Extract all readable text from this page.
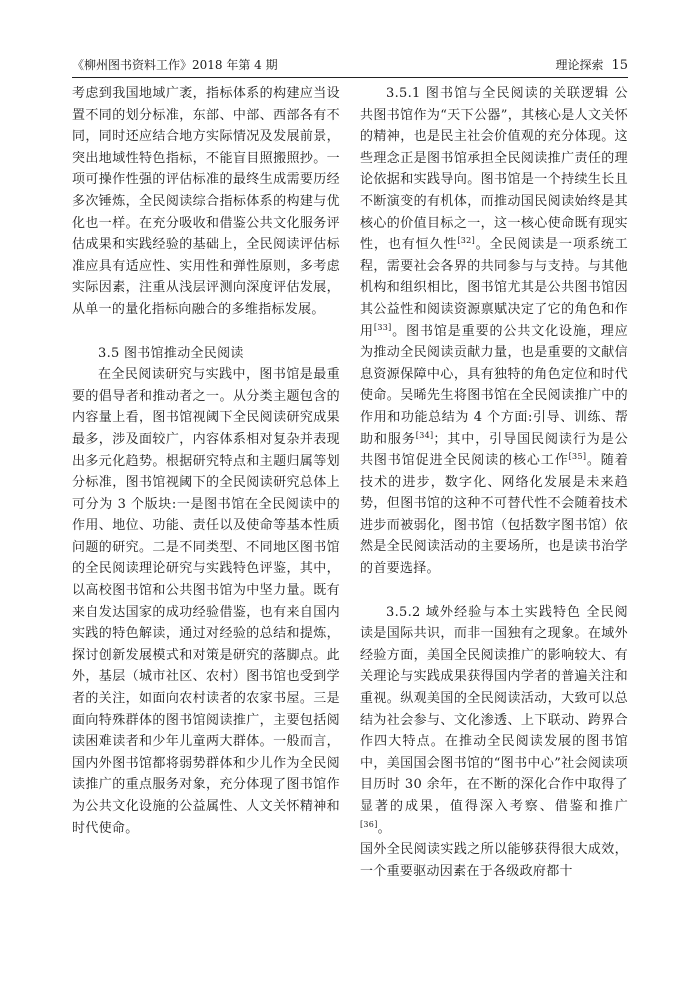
《柳州图书资料工作》2018 年第 4 期	理论探索 15

考虑到我国地域广袤，指标体系的构建应当设置不同的划分标准，东部、中部、西部各有不同，同时还应结合地方实际情况及发展前景，突出地域性特色指标，不能盲目照搬照抄。一项可操作性强的评估标准的最终生成需要历经多次锤炼，全民阅读综合指标体系的构建与优化也一样。在充分吸收和借鉴公共文化服务评估成果和实践经验的基础上，全民阅读评估标准应具有适应性、实用性和弹性原则，多考虑实际因素，注重从浅层评测向深度评估发展，从单一的量化指标向融合的多维指标发展。

3.5 图书馆推动全民阅读

在全民阅读研究与实践中，图书馆是最重要的倡导者和推动者之一。从分类主题包含的内容量上看，图书馆视阈下全民阅读研究成果最多，涉及面较广，内容体系相对复杂并表现出多元化趋势。根据研究特点和主题归属等划分标准，图书馆视阈下的全民阅读研究总体上可分为 3 个版块:一是图书馆在全民阅读中的作用、地位、功能、责任以及使命等基本性质问题的研究。二是不同类型、不同地区图书馆的全民阅读理论研究与实践特色评鉴，其中，以高校图书馆和公共图书馆为中坚力量。既有来自发达国家的成功经验借鉴，也有来自国内实践的特色解读，通过对经验的总结和提炼，探讨创新发展模式和对策是研究的落脚点。此外，基层（城市社区、农村）图书馆也受到学者的关注，如面向农村读者的农家书屋。三是面向特殊群体的图书馆阅读推广，主要包括阅读困难读者和少年儿童两大群体。一般而言，国内外图书馆都将弱势群体和少儿作为全民阅读推广的重点服务对象，充分体现了图书馆作为公共文化设施的公益属性、人文关怀精神和时代使命。

3.5.1 图书馆与全民阅读的关联逻辑 公共图书馆作为“天下公器”，其核心是人文关怀的精神，也是民主社会价值观的充分体现。这些理念正是图书馆承担全民阅读推广责任的理论依据和实践导向。图书馆是一个持续生长且不断演变的有机体，而推动国民阅读始终是其核心的价值目标之一，这一核心使命既有现实性，也有恒久性[32]。全民阅读是一项系统工程，需要社会各界的共同参与与支持。与其他机构和组织相比，图书馆尤其是公共图书馆因其公益性和阅读资源禀赋决定了它的角色和作用[33]。图书馆是重要的公共文化设施，理应为推动全民阅读贡献力量，也是重要的文献信息资源保障中心，具有独特的角色定位和时代使命。吴晞先生将图书馆在全民阅读推广中的作用和功能总结为 4 个方面:引导、训练、帮助和服务[34]；其中，引导国民阅读行为是公共图书馆促进全民阅读的核心工作[35]。随着技术的进步，数字化、网络化发展是未来趋势，但图书馆的这种不可替代性不会随着技术进步而被弱化，图书馆（包括数字图书馆）依然是全民阅读活动的主要场所，也是读书治学的首要选择。

3.5.2 域外经验与本土实践特色 全民阅读是国际共识，而非一国独有之现象。在域外经验方面，美国全民阅读推广的影响较大、有关理论与实践成果获得国内学者的普遍关注和重视。纵观美国的全民阅读活动，大致可以总结为社会参与、文化渗透、上下联动、跨界合作四大特点。在推动全民阅读发展的图书馆中，美国国会图书馆的“图书中心”社会阅读项目历时 30 余年，在不断的深化合作中取得了显著的成果，值得深入考察、借鉴和推广[36]。

国外全民阅读实践之所以能够获得很大成效，一个重要驱动因素在于各级政府都十
